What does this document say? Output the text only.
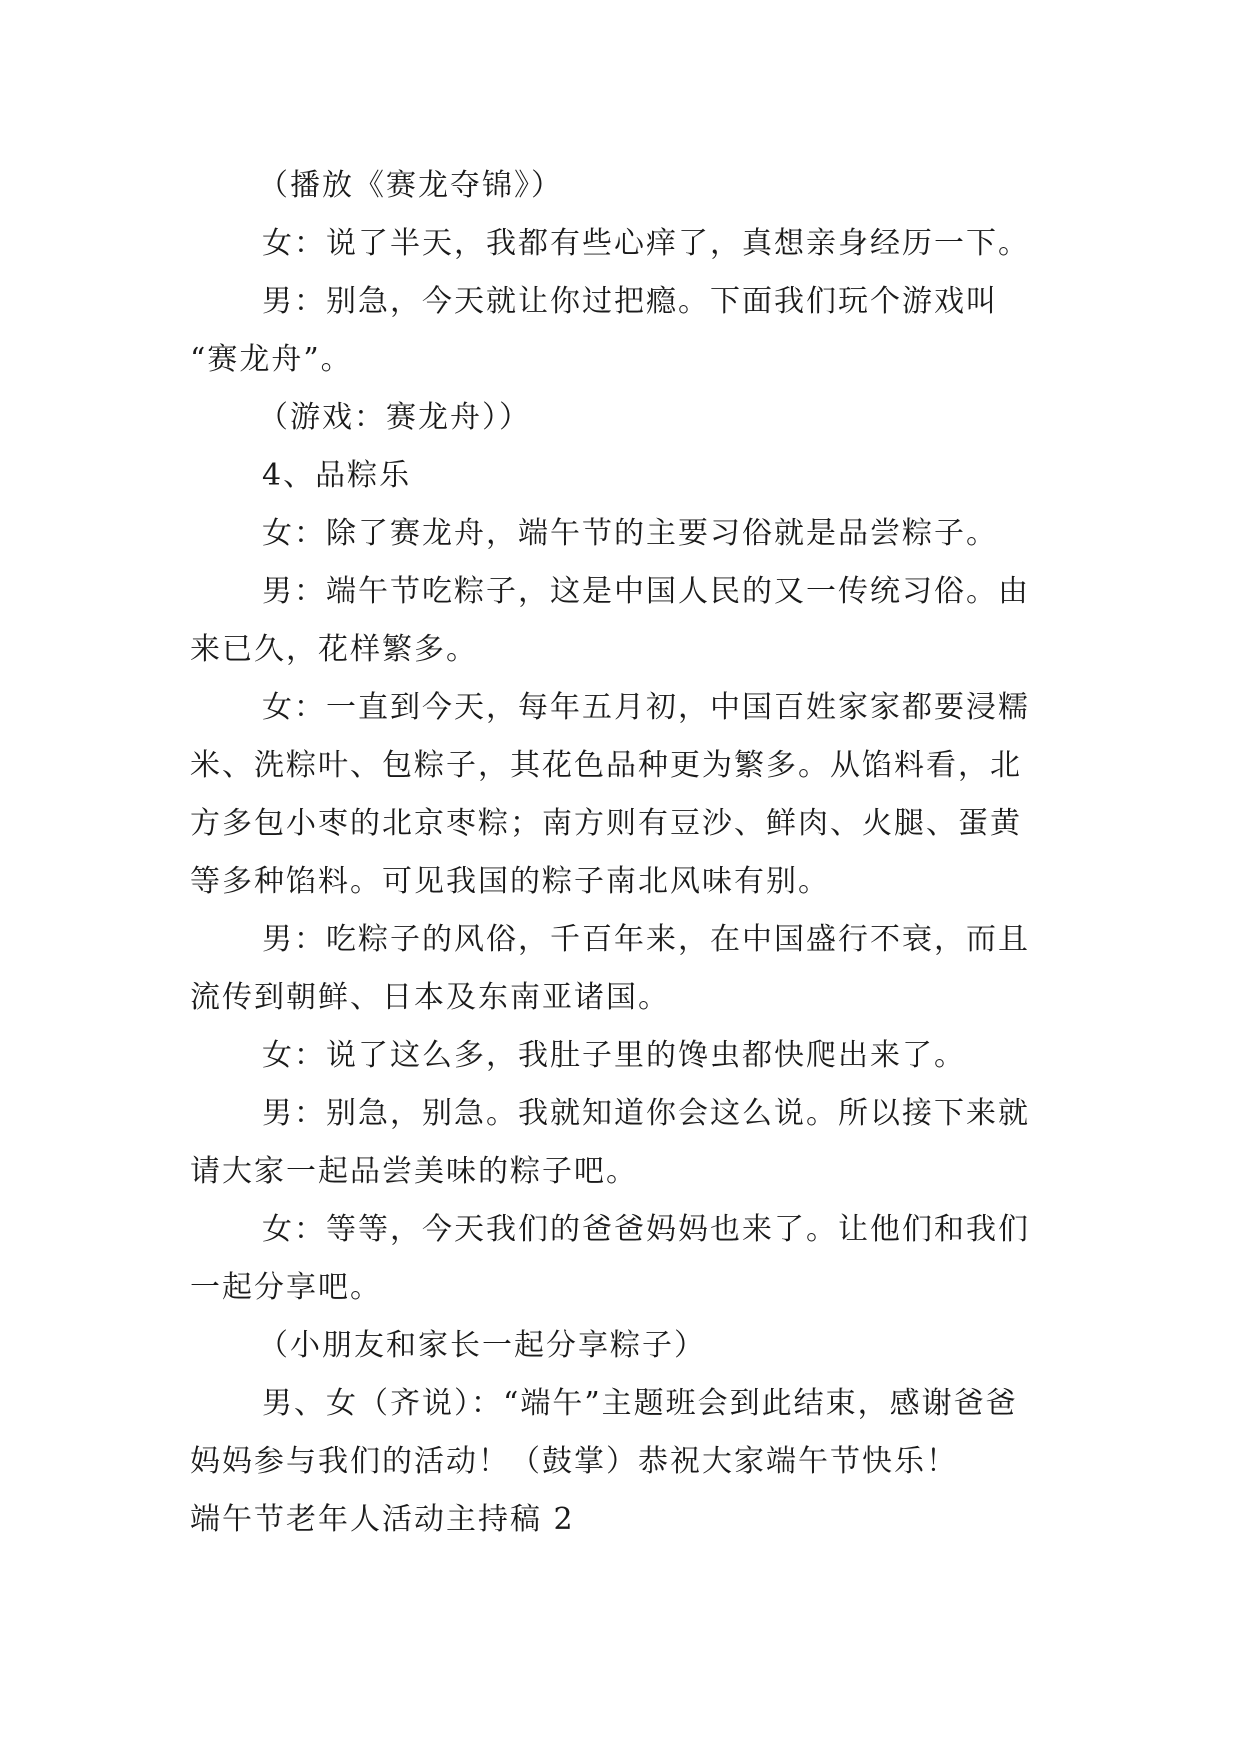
（播放《赛龙夺锦》）
女：说了半天，我都有些心痒了，真想亲身经历一下。
男：别急，今天就让你过把瘾。下面我们玩个游戏叫
“赛龙舟”。
（游戏：赛龙舟））
4、品粽乐
女：除了赛龙舟，端午节的主要习俗就是品尝粽子。
男：端午节吃粽子，这是中国人民的又一传统习俗。由
来已久，花样繁多。
女：一直到今天，每年五月初，中国百姓家家都要浸糯
米、洗粽叶、包粽子，其花色品种更为繁多。从馅料看，北
方多包小枣的北京枣粽；南方则有豆沙、鲜肉、火腿、蛋黄
等多种馅料。可见我国的粽子南北风味有别。
男：吃粽子的风俗，千百年来，在中国盛行不衰，而且
流传到朝鲜、日本及东南亚诸国。
女：说了这么多，我肚子里的馋虫都快爬出来了。
男：别急，别急。我就知道你会这么说。所以接下来就
请大家一起品尝美味的粽子吧。
女：等等，今天我们的爸爸妈妈也来了。让他们和我们
一起分享吧。
（小朋友和家长一起分享粽子）
男、女（齐说）：“端午”主题班会到此结束，感谢爸爸
妈妈参与我们的活动！（鼓掌）恭祝大家端午节快乐！
端午节老年人活动主持稿 2
